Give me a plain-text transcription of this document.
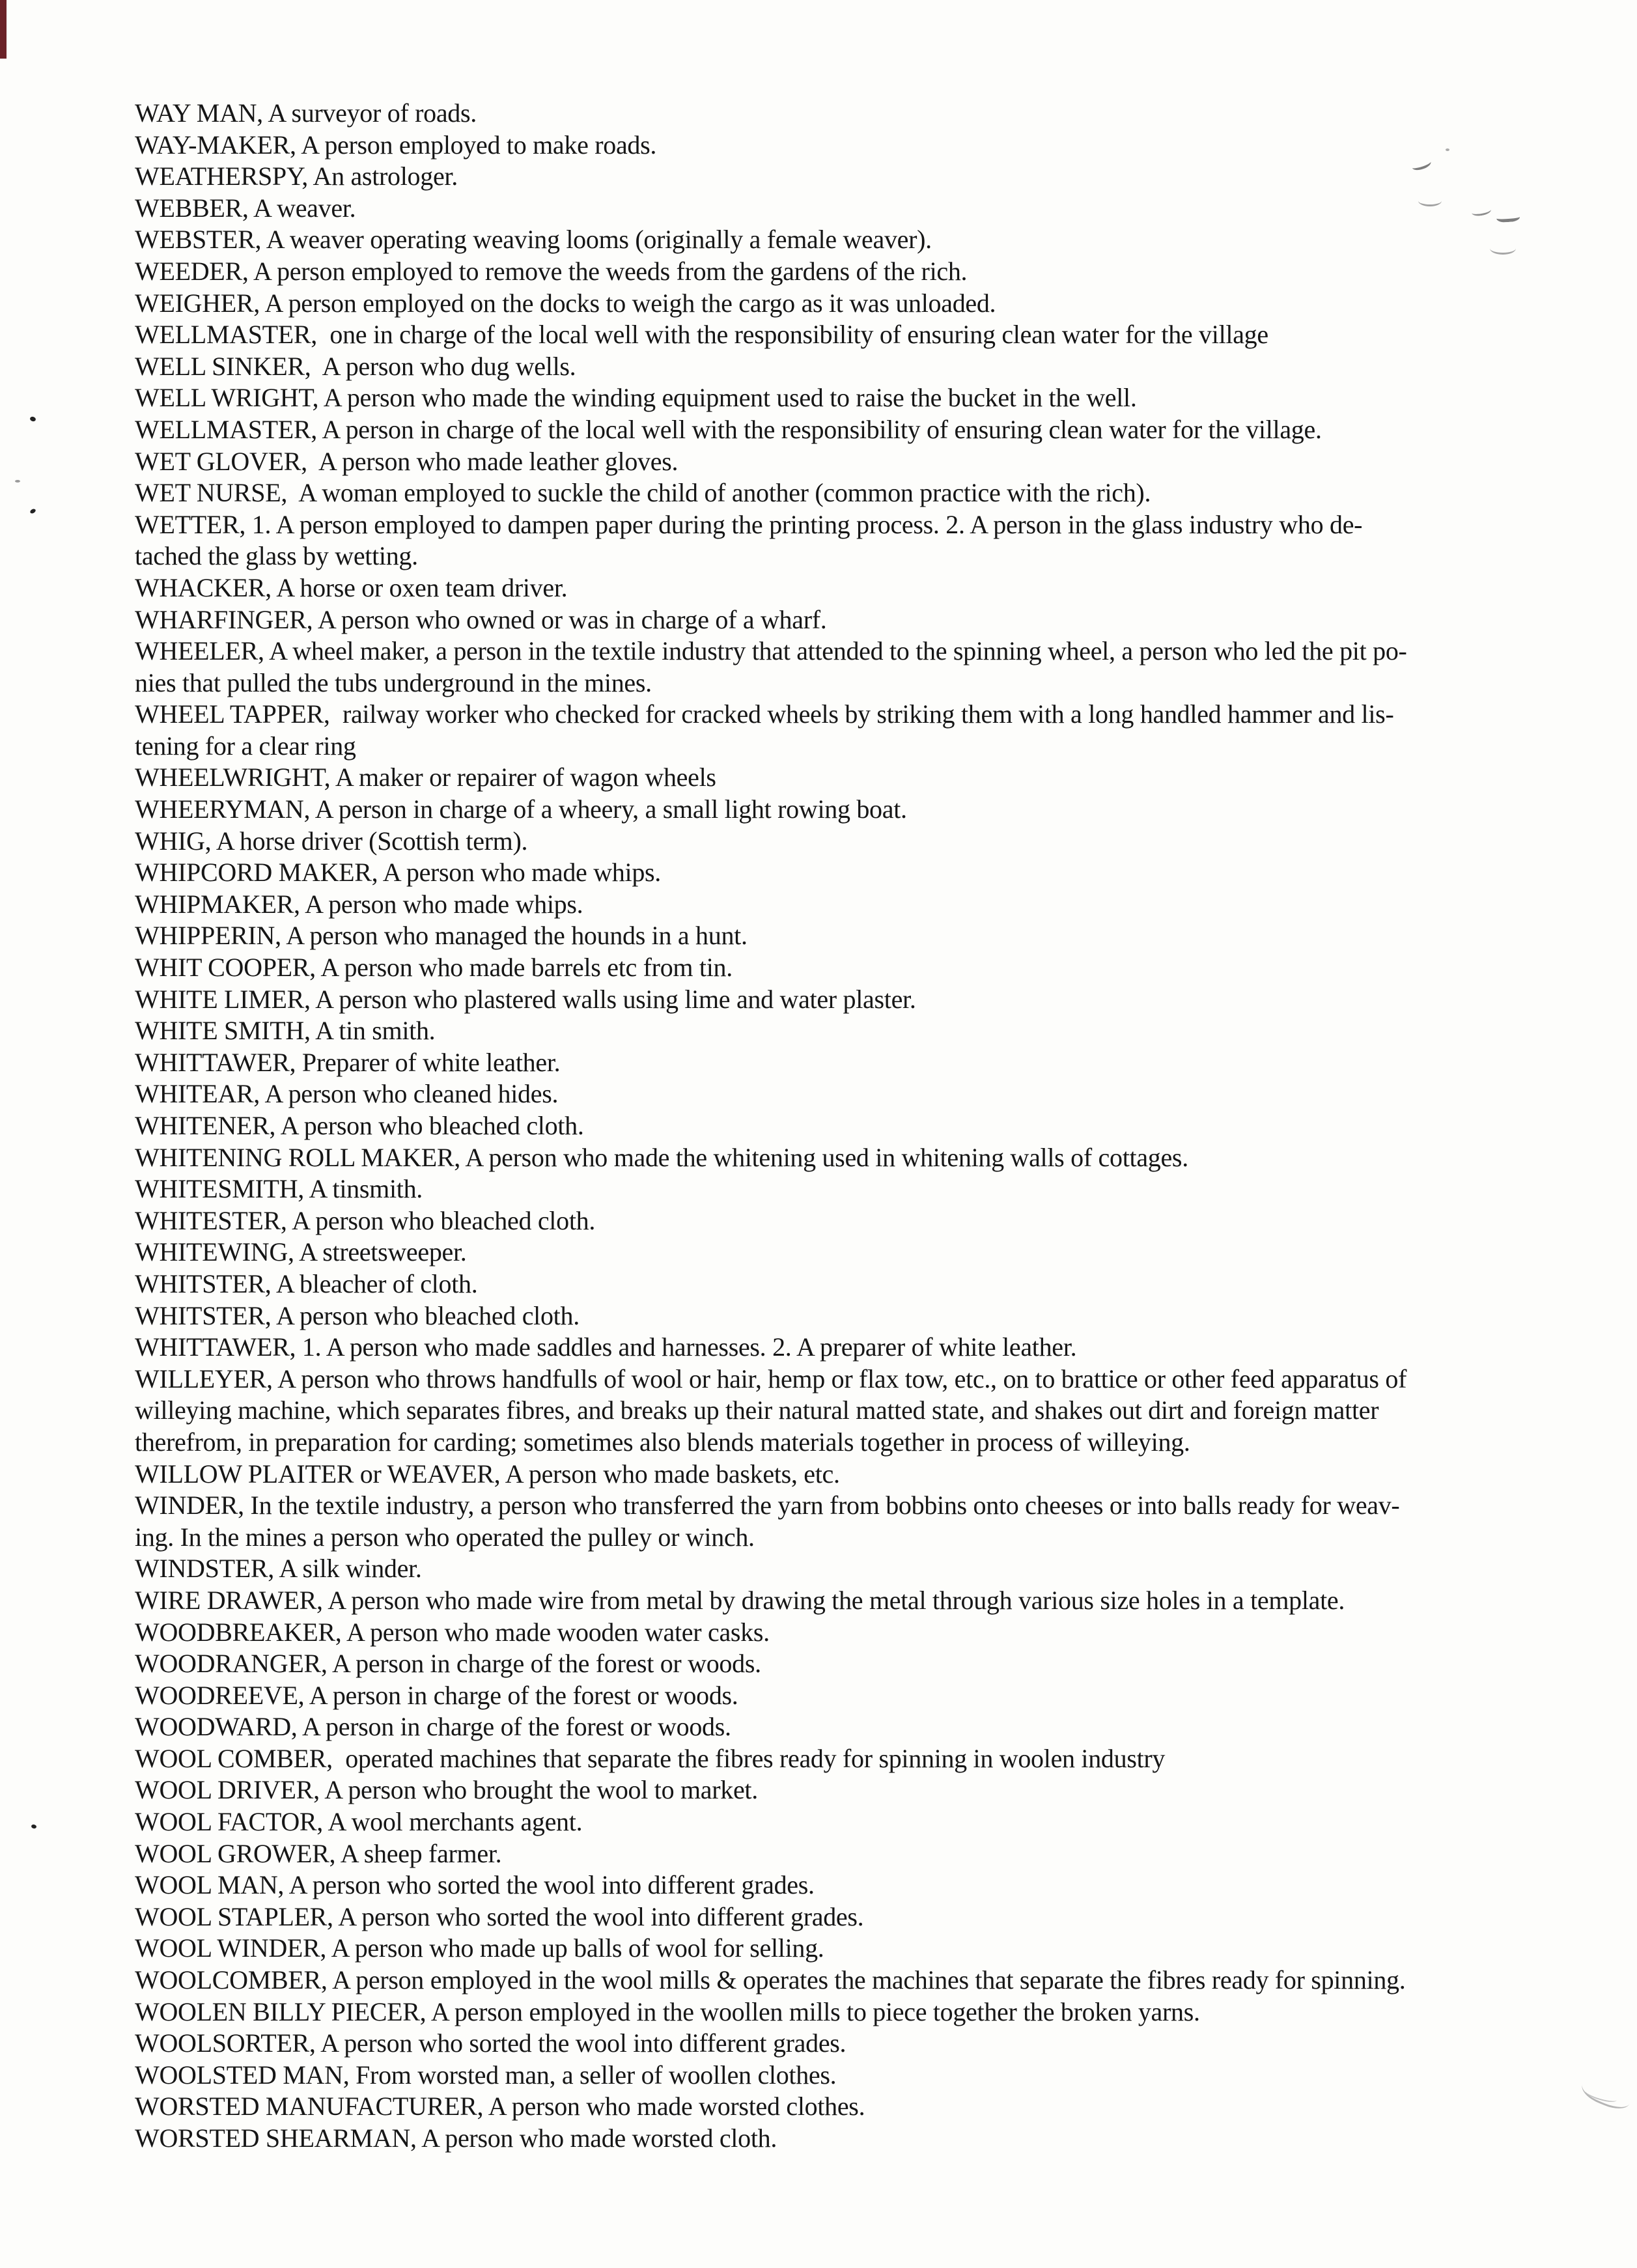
WAY MAN, A surveyor of roads.

WAY-MAKER, A person employed to make roads.

WEATHERSPY, An astrologer.

WEBBER, A weaver.

WEBSTER, A weaver operating weaving looms (originally a female weaver).

WEEDER, A person employed to remove the weeds from the gardens of the rich.

WEIGHER, A person employed on the docks to weigh the cargo as it was unloaded.

WELLMASTER,  one in charge of the local well with the responsibility of ensuring clean water for the village

WELL SINKER,  A person who dug wells.

WELL WRIGHT, A person who made the winding equipment used to raise the bucket in the well.

WELLMASTER, A person in charge of the local well with the responsibility of ensuring clean water for the village.

WET GLOVER,  A person who made leather gloves.

WET NURSE,  A woman employed to suckle the child of another (common practice with the rich).

WETTER, 1. A person employed to dampen paper during the printing process. 2. A person in the glass industry who de-

tached the glass by wetting.

WHACKER, A horse or oxen team driver.

WHARFINGER, A person who owned or was in charge of a wharf.

WHEELER, A wheel maker, a person in the textile industry that attended to the spinning wheel, a person who led the pit po-

nies that pulled the tubs underground in the mines.

WHEEL TAPPER,  railway worker who checked for cracked wheels by striking them with a long handled hammer and lis-

tening for a clear ring

WHEELWRIGHT, A maker or repairer of wagon wheels

WHEERYMAN, A person in charge of a wheery, a small light rowing boat.

WHIG, A horse driver (Scottish term).

WHIPCORD MAKER, A person who made whips.

WHIPMAKER, A person who made whips.

WHIPPERIN, A person who managed the hounds in a hunt.

WHIT COOPER, A person who made barrels etc from tin.

WHITE LIMER, A person who plastered walls using lime and water plaster.

WHITE SMITH, A tin smith.

WHITTAWER, Preparer of white leather.

WHITEAR, A person who cleaned hides.

WHITENER, A person who bleached cloth.

WHITENING ROLL MAKER, A person who made the whitening used in whitening walls of cottages.

WHITESMITH, A tinsmith.

WHITESTER, A person who bleached cloth.

WHITEWING, A streetsweeper.

WHITSTER, A bleacher of cloth.

WHITSTER, A person who bleached cloth.

WHITTAWER, 1. A person who made saddles and harnesses. 2. A preparer of white leather.

WILLEYER, A person who throws handfulls of wool or hair, hemp or flax tow, etc., on to brattice or other feed apparatus of

willeying machine, which separates fibres, and breaks up their natural matted state, and shakes out dirt and foreign matter

therefrom, in preparation for carding; sometimes also blends materials together in process of willeying.

WILLOW PLAITER or WEAVER, A person who made baskets, etc.

WINDER, In the textile industry, a person who transferred the yarn from bobbins onto cheeses or into balls ready for weav-

ing. In the mines a person who operated the pulley or winch.

WINDSTER, A silk winder.

WIRE DRAWER, A person who made wire from metal by drawing the metal through various size holes in a template.

WOODBREAKER, A person who made wooden water casks.

WOODRANGER, A person in charge of the forest or woods.

WOODREEVE, A person in charge of the forest or woods.

WOODWARD, A person in charge of the forest or woods.

WOOL COMBER,  operated machines that separate the fibres ready for spinning in woolen industry

WOOL DRIVER, A person who brought the wool to market.

WOOL FACTOR, A wool merchants agent.

WOOL GROWER, A sheep farmer.

WOOL MAN, A person who sorted the wool into different grades.

WOOL STAPLER, A person who sorted the wool into different grades.

WOOL WINDER, A person who made up balls of wool for selling.

WOOLCOMBER, A person employed in the wool mills & operates the machines that separate the fibres ready for spinning.

WOOLEN BILLY PIECER, A person employed in the woollen mills to piece together the broken yarns.

WOOLSORTER, A person who sorted the wool into different grades.

WOOLSTED MAN, From worsted man, a seller of woollen clothes.

WORSTED MANUFACTURER, A person who made worsted clothes.

WORSTED SHEARMAN, A person who made worsted cloth.
